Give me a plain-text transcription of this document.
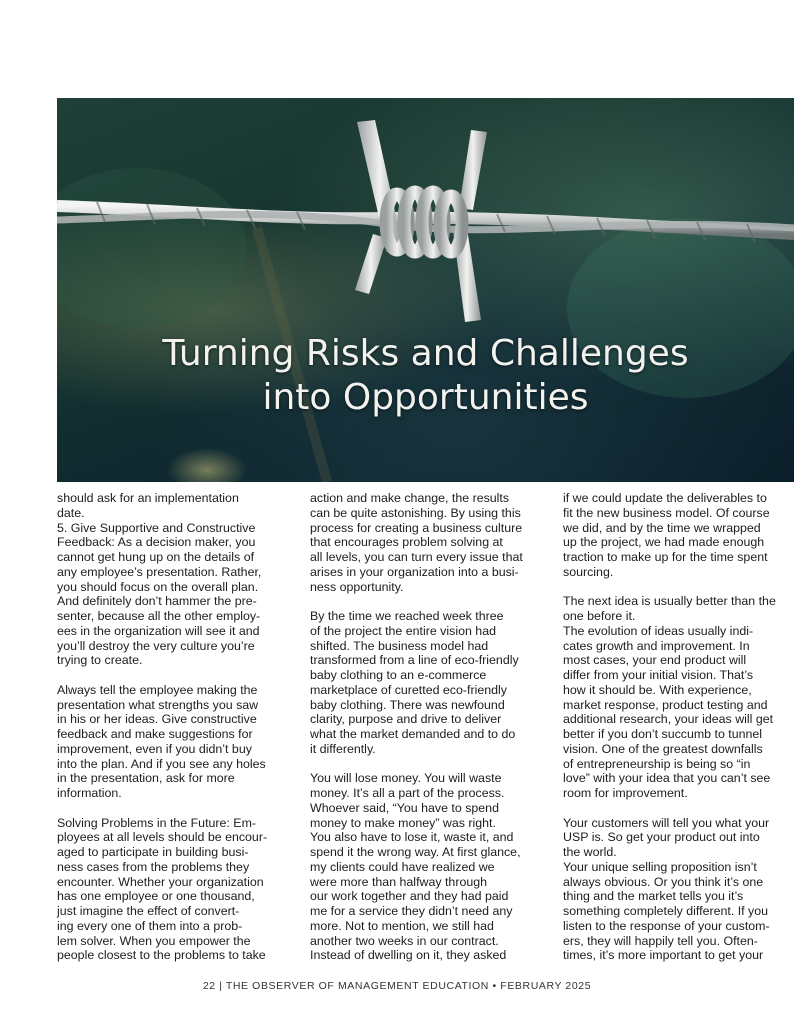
Turning Risks and Challenges
into Opportunities
should ask for an implementation
date.
5. Give Supportive and Constructive
Feedback: As a decision maker, you
cannot get hung up on the details of
any employee’s presentation. Rather,
you should focus on the overall plan.
And definitely don’t hammer the pre-
senter, because all the other employ-
ees in the organization will see it and
you’ll destroy the very culture you’re
trying to create.

Always tell the employee making the
presentation what strengths you saw
in his or her ideas. Give constructive
feedback and make suggestions for
improvement, even if you didn’t buy
into the plan. And if you see any holes
in the presentation, ask for more
information.

Solving Problems in the Future: Em-
ployees at all levels should be encour-
aged to participate in building busi-
ness cases from the problems they
encounter. Whether your organization
has one employee or one thousand,
just imagine the effect of convert-
ing every one of them into a prob-
lem solver. When you empower the
people closest to the problems to take
action and make change, the results
can be quite astonishing. By using this
process for creating a business culture
that encourages problem solving at
all levels, you can turn every issue that
arises in your organization into a busi-
ness opportunity.

By the time we reached week three
of the project the entire vision had
shifted. The business model had
transformed from a line of eco-friendly
baby clothing to an e-commerce
marketplace of curetted eco-friendly
baby clothing. There was newfound
clarity, purpose and drive to deliver
what the market demanded and to do
it differently.

You will lose money. You will waste
money. It’s all a part of the process.
Whoever said, “You have to spend
money to make money” was right.
You also have to lose it, waste it, and
spend it the wrong way. At first glance,
my clients could have realized we
were more than halfway through
our work together and they had paid
me for a service they didn’t need any
more. Not to mention, we still had
another two weeks in our contract.
Instead of dwelling on it, they asked
if we could update the deliverables to
fit the new business model. Of course
we did, and by the time we wrapped
up the project, we had made enough
traction to make up for the time spent
sourcing.

The next idea is usually better than the
one before it.
The evolution of ideas usually indi-
cates growth and improvement. In
most cases, your end product will
differ from your initial vision. That’s
how it should be. With experience,
market response, product testing and
additional research, your ideas will get
better if you don’t succumb to tunnel
vision. One of the greatest downfalls
of entrepreneurship is being so “in
love” with your idea that you can’t see
room for improvement.

Your customers will tell you what your
USP is. So get your product out into
the world.
Your unique selling proposition isn’t
always obvious. Or you think it’s one
thing and the market tells you it’s
something completely different. If you
listen to the response of your custom-
ers, they will happily tell you. Often-
times, it’s more important to get your
22 | THE OBSERVER OF MANAGEMENT EDUCATION • FEBRUARY 2025
